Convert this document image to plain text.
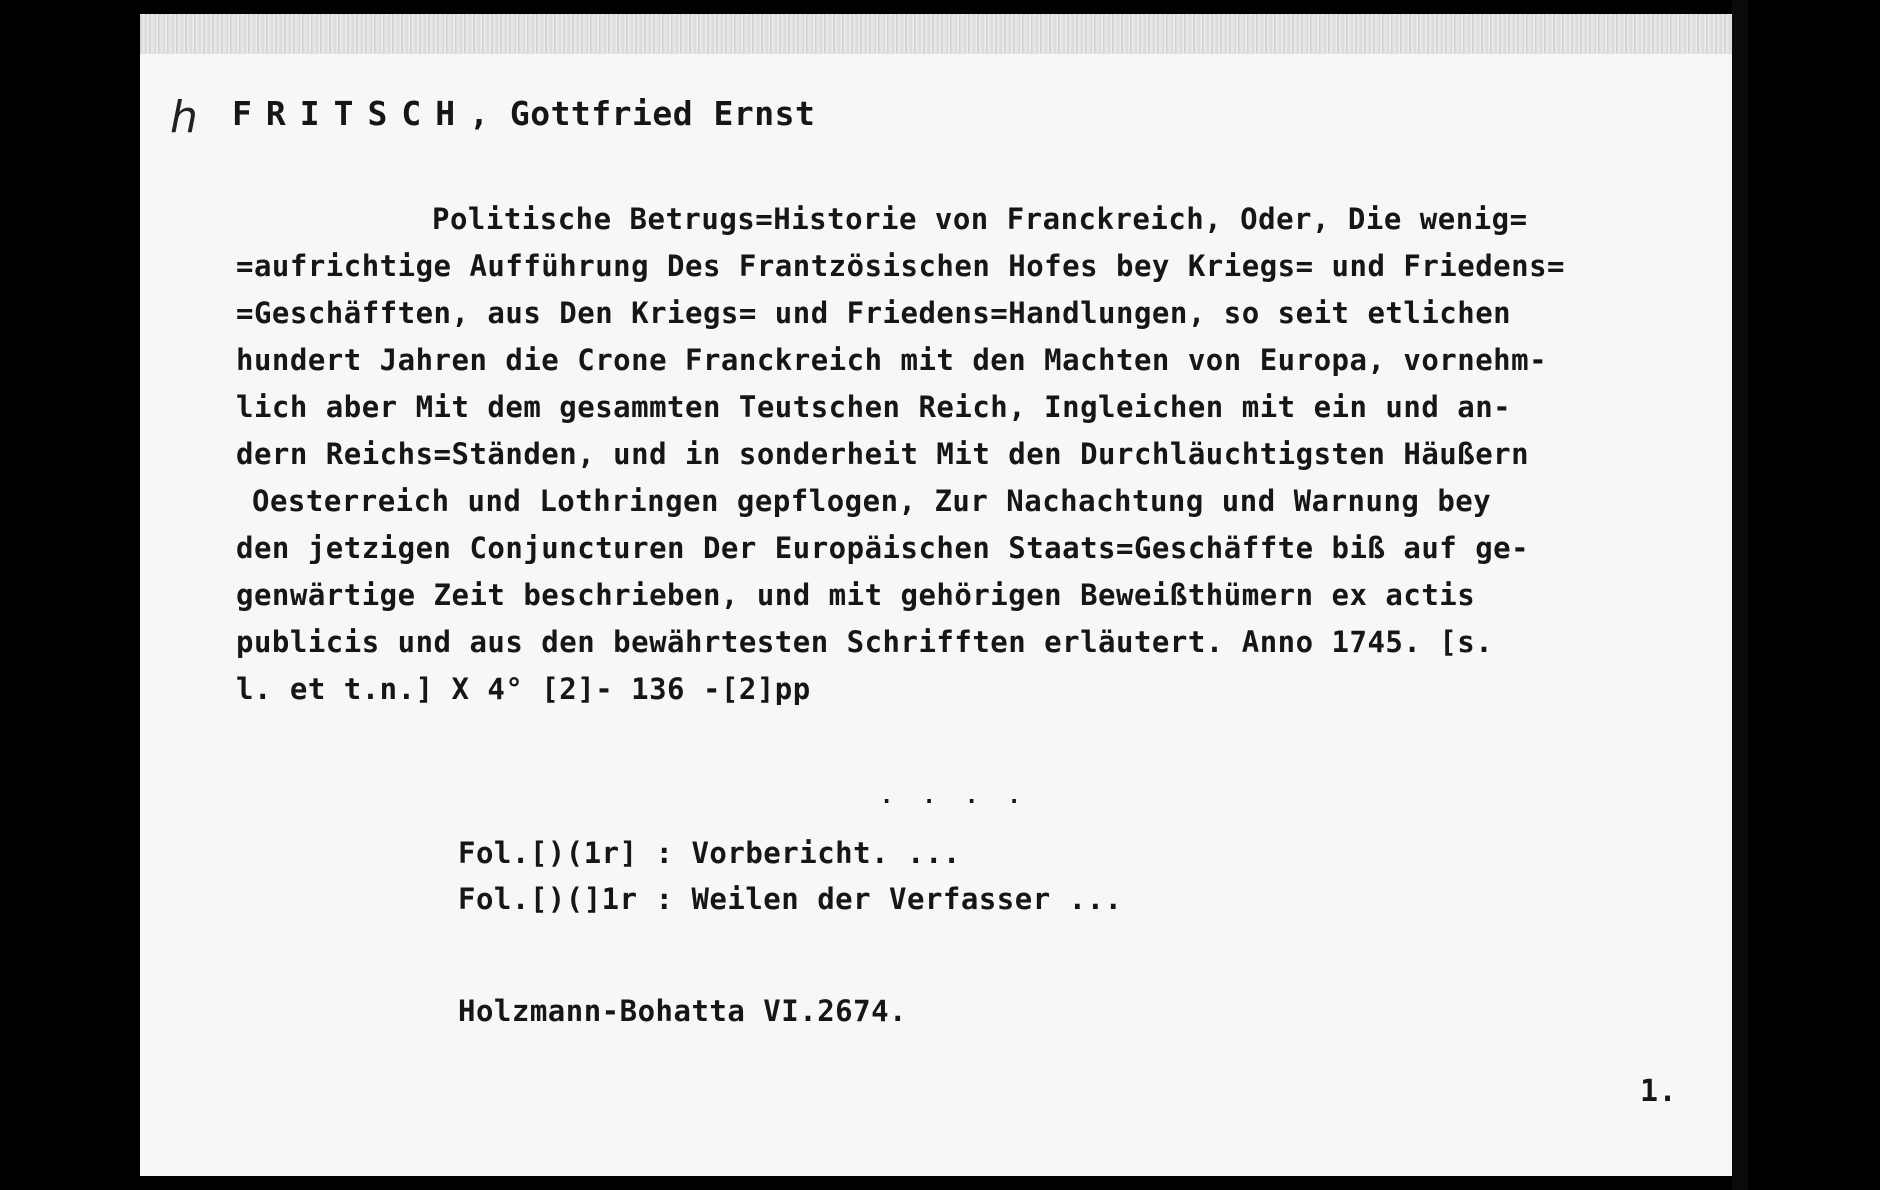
h FRITSCH, Gottfried Ernst
Politische Betrugs=Historie von Franckreich, Oder, Die wenig=
=aufrichtige Aufführung Des Frantzösischen Hofes bey Kriegs= und Friedens=
=Geschäfften, aus Den Kriegs= und Friedens=Handlungen, so seit etlichen
hundert Jahren die Crone Franckreich mit den Machten von Europa, vornehm-
lich aber Mit dem gesammten Teutschen Reich, Ingleichen mit ein und an-
dern Reichs=Ständen, und in sonderheit Mit den Durchläuchtigsten Häußern
Oesterreich und Lothringen gepflogen, Zur Nachachtung und Warnung bey
den jetzigen Conjuncturen Der Europäischen Staats=Geschäffte biß auf ge-
genwärtige Zeit beschrieben, und mit gehörigen Beweißthümern ex actis
publicis und aus den bewährtesten Schrifften erläutert. Anno 1745. [s.
l. et t.n.] X 4° [2]- 136 -[2]pp
. . . .
Fol.[)(1r] : Vorbericht. ...
Fol.[)(]1r : Weilen der Verfasser ...
Holzmann-Bohatta VI.2674.
1.
